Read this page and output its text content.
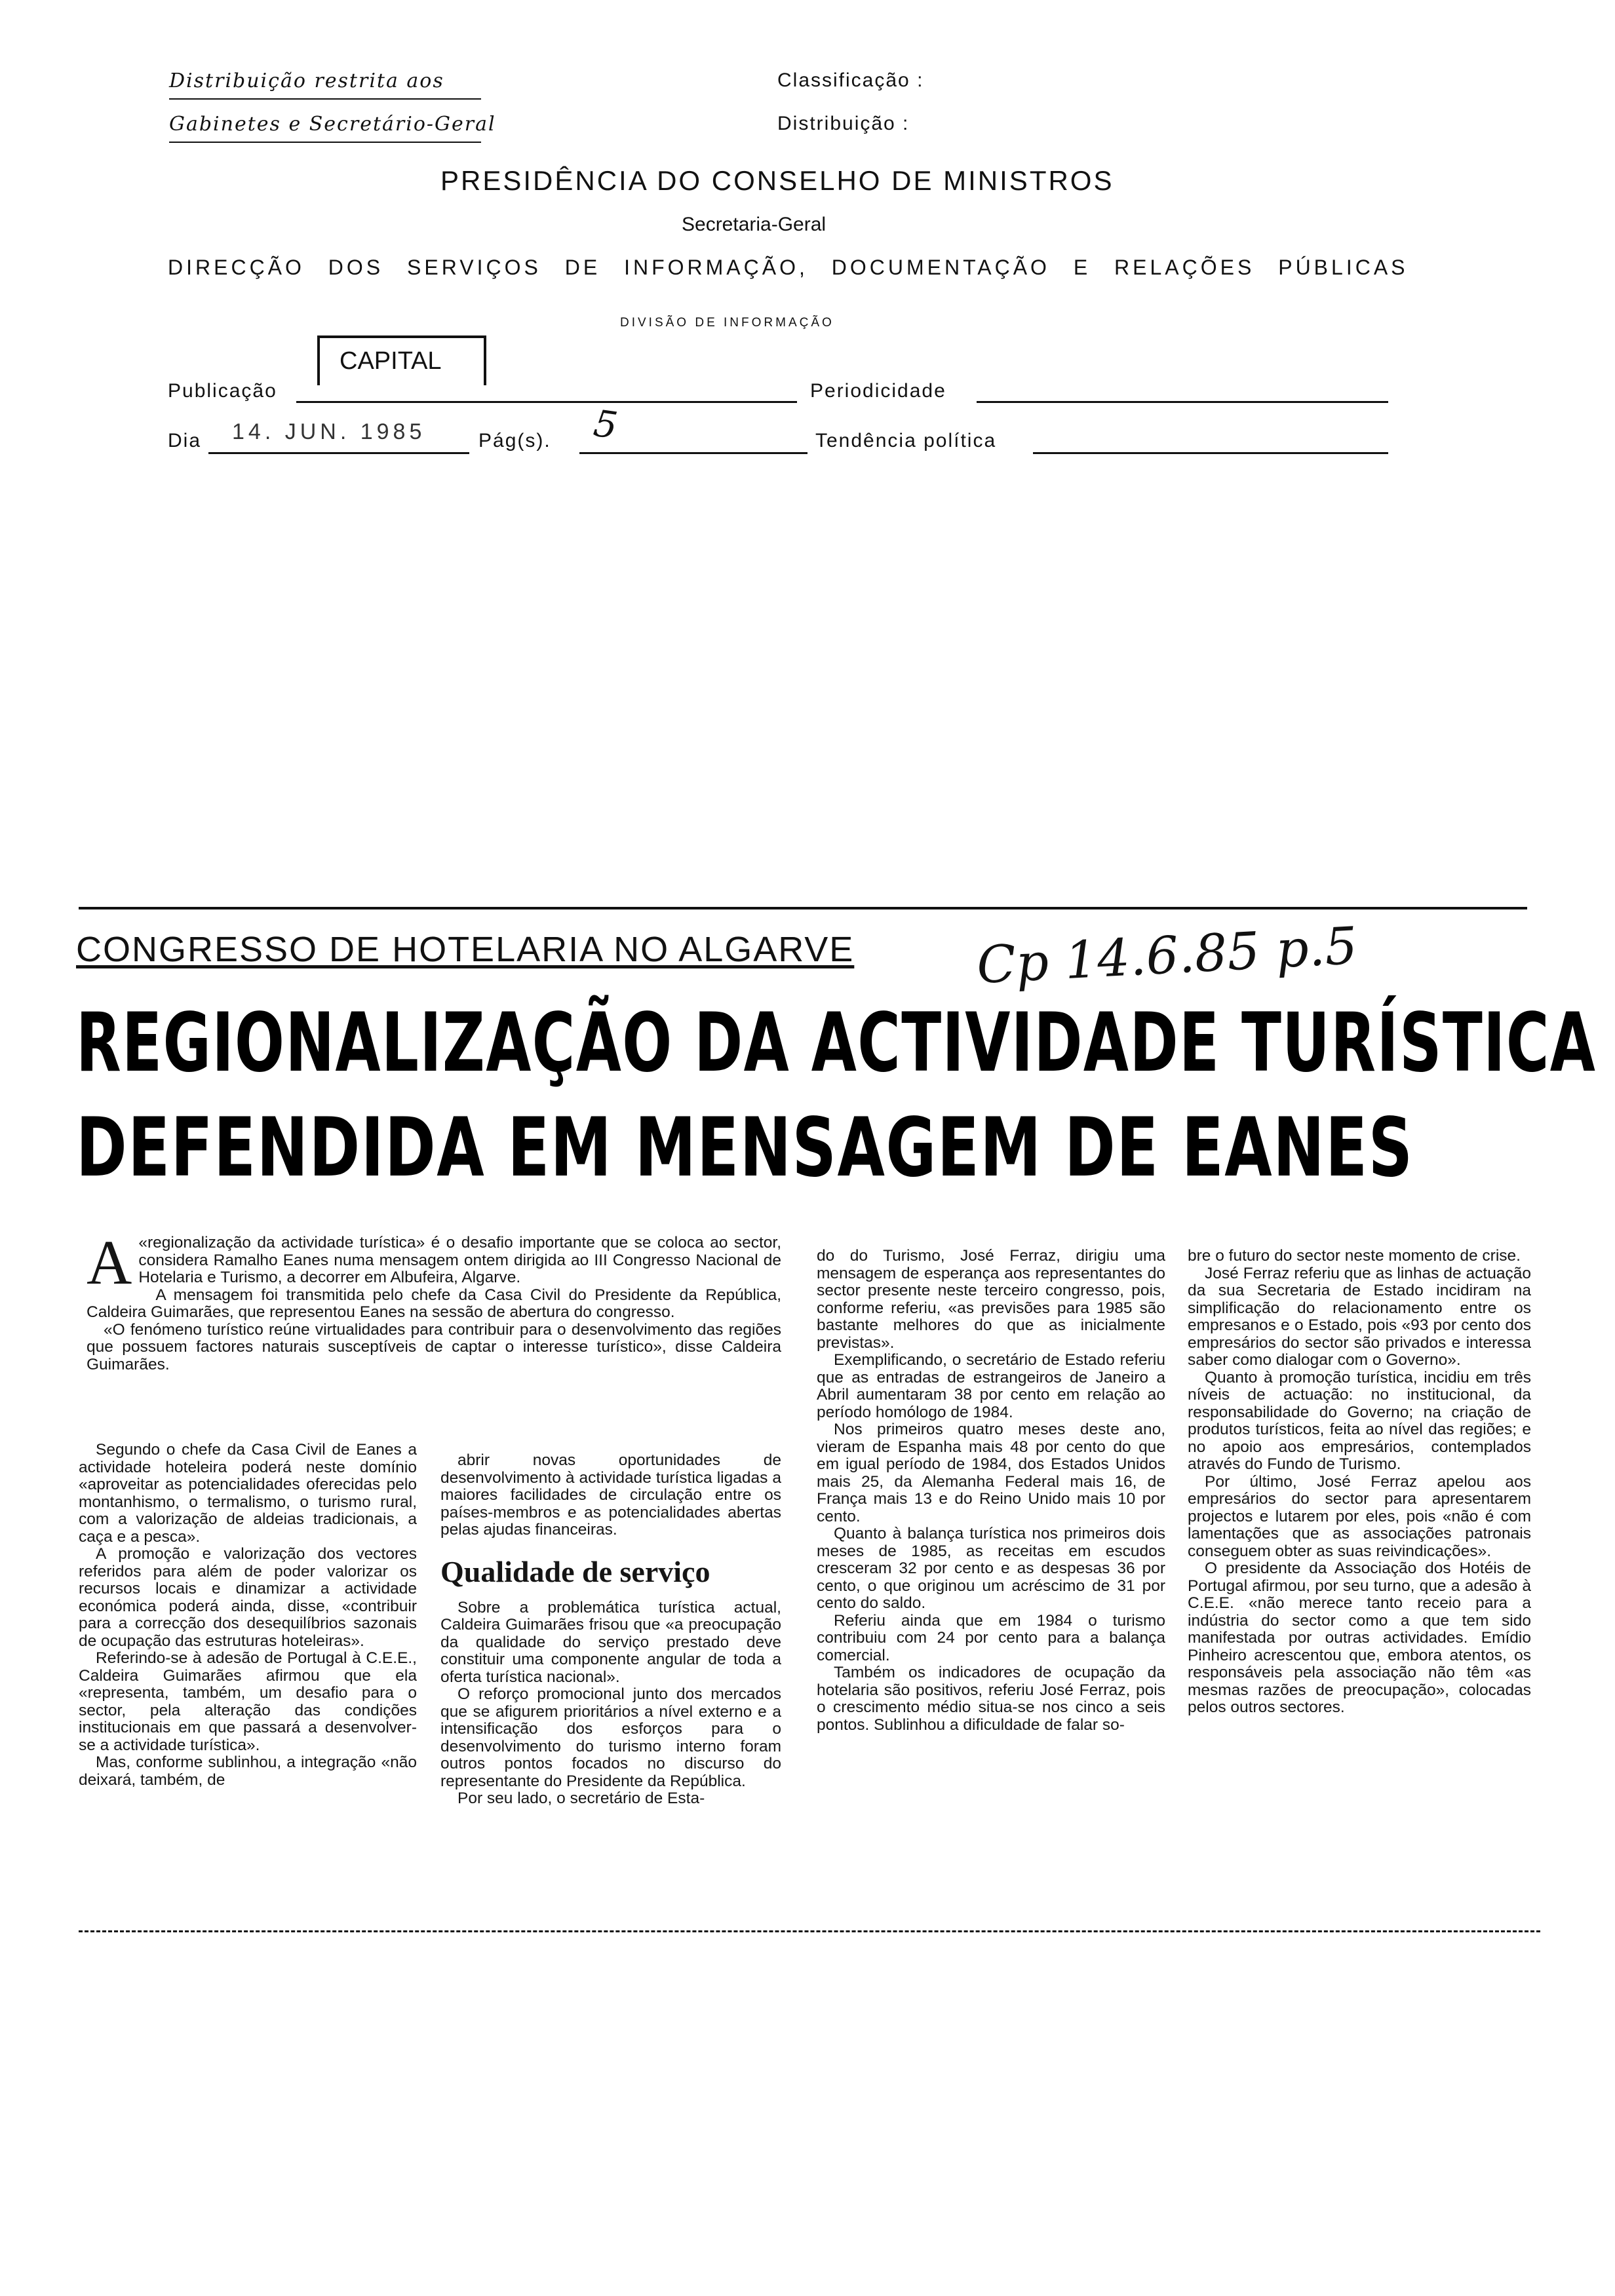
Distribuição restrita aos
Gabinetes e Secretário-Geral
Classificação :
Distribuição :
PRESIDÊNCIA DO CONSELHO DE MINISTROS
Secretaria-Geral
DIRECÇÃO DOS SERVIÇOS DE INFORMAÇÃO, DOCUMENTAÇÃO E RELAÇÕES PÚBLICAS
DIVISÃO DE INFORMAÇÃO
Publicação
CAPITAL
Periodicidade
Dia 14. JUN. 1985	Pág(s). 5	Tendência política
CONGRESSO DE HOTELARIA NO ALGARVE Cp 14.6.85 p.5
REGIONALIZAÇÃO DA ACTIVIDADE TURÍSTICA
DEFENDIDA EM MENSAGEM DE EANES
A «regionalização da actividade turística» é o desafio importante que se coloca ao sector, considera Ramalho Eanes numa mensagem ontem dirigida ao III Congresso Nacional de Hotelaria e Turismo, a decorrer em Albufeira, Algarve.

A mensagem foi transmitida pelo chefe da Casa Civil do Presidente da República, Caldeira Guimarães, que representou Eanes na sessão de abertura do congresso.

«O fenómeno turístico reúne virtualidades para contribuir para o desenvolvimento das regiões que possuem factores naturais susceptíveis de captar o interesse turístico», disse Caldeira Guimarães.

Segundo o chefe da Casa Civil de Eanes a actividade hoteleira poderá neste domínio «aproveitar as potencialidades oferecidas pelo montanhismo, o termalismo, o turismo rural, com a valorização de aldeias tradicionais, a caça e a pesca».

A promoção e valorização dos vectores referidos para além de poder valorizar os recursos locais e dinamizar a actividade económica poderá ainda, disse, «contribuir para a correcção dos desequilíbrios sazonais de ocupação das estruturas hoteleiras».

Referindo-se à adesão de Portugal à C.E.E., Caldeira Guimarães afirmou que ela «representa, também, um desafio para o sector, pela alteração das condições institucionais em que passará a desenvolver-se a actividade turística».

Mas, conforme sublinhou, a integração «não deixará, também, de

abrir novas oportunidades de desenvolvimento à actividade turística ligadas a maiores facilidades de circulação entre os países-membros e as potencialidades abertas pelas ajudas financeiras.

Qualidade de serviço

Sobre a problemática turística actual, Caldeira Guimarães frisou que «a preocupação da qualidade do serviço prestado deve constituir uma componente angular de toda a oferta turística nacional».

O reforço promocional junto dos mercados que se afigurem prioritários a nível externo e a intensificação dos esforços para o desenvolvimento do turismo interno foram outros pontos focados no discurso do representante do Presidente da República.

Por seu lado, o secretário de Esta-

do do Turismo, José Ferraz, dirigiu uma mensagem de esperança aos representantes do sector presente neste terceiro congresso, pois, conforme referiu, «as previsões para 1985 são bastante melhores do que as inicialmente previstas».

Exemplificando, o secretário de Estado referiu que as entradas de estrangeiros de Janeiro a Abril aumentaram 38 por cento em relação ao período homólogo de 1984.

Nos primeiros quatro meses deste ano, vieram de Espanha mais 48 por cento do que em igual período de 1984, dos Estados Unidos mais 25, da Alemanha Federal mais 16, de França mais 13 e do Reino Unido mais 10 por cento.

Quanto à balança turística nos primeiros dois meses de 1985, as receitas em escudos cresceram 32 por cento e as despesas 36 por cento, o que originou um acréscimo de 31 por cento do saldo.

Referiu ainda que em 1984 o turismo contribuiu com 24 por cento para a balança comercial.

Também os indicadores de ocupação da hotelaria são positivos, referiu José Ferraz, pois o crescimento médio situa-se nos cinco a seis pontos. Sublinhou a dificuldade de falar so-

bre o futuro do sector neste momento de crise.

José Ferraz referiu que as linhas de actuação da sua Secretaria de Estado incidiram na simplificação do relacionamento entre os empresanos e o Estado, pois «93 por cento dos empresários do sector são privados e interessa saber como dialogar com o Governo».

Quanto à promoção turística, incidiu em três níveis de actuação: no institucional, da responsabilidade do Governo; na criação de produtos turísticos, feita ao nível das regiões; e no apoio aos empresários, contemplados através do Fundo de Turismo.

Por último, José Ferraz apelou aos empresários do sector para apresentarem projectos e lutarem por eles, pois «não é com lamentações que as associações patronais conseguem obter as suas reivindicações».

O presidente da Associação dos Hotéis de Portugal afirmou, por seu turno, que a adesão à C.E.E. «não merece tanto receio para a indústria do sector como a que tem sido manifestada por outras actividades. Emídio Pinheiro acrescentou que, embora atentos, os responsáveis pela associação não têm «as mesmas razões de preocupação», colocadas pelos outros sectores.
